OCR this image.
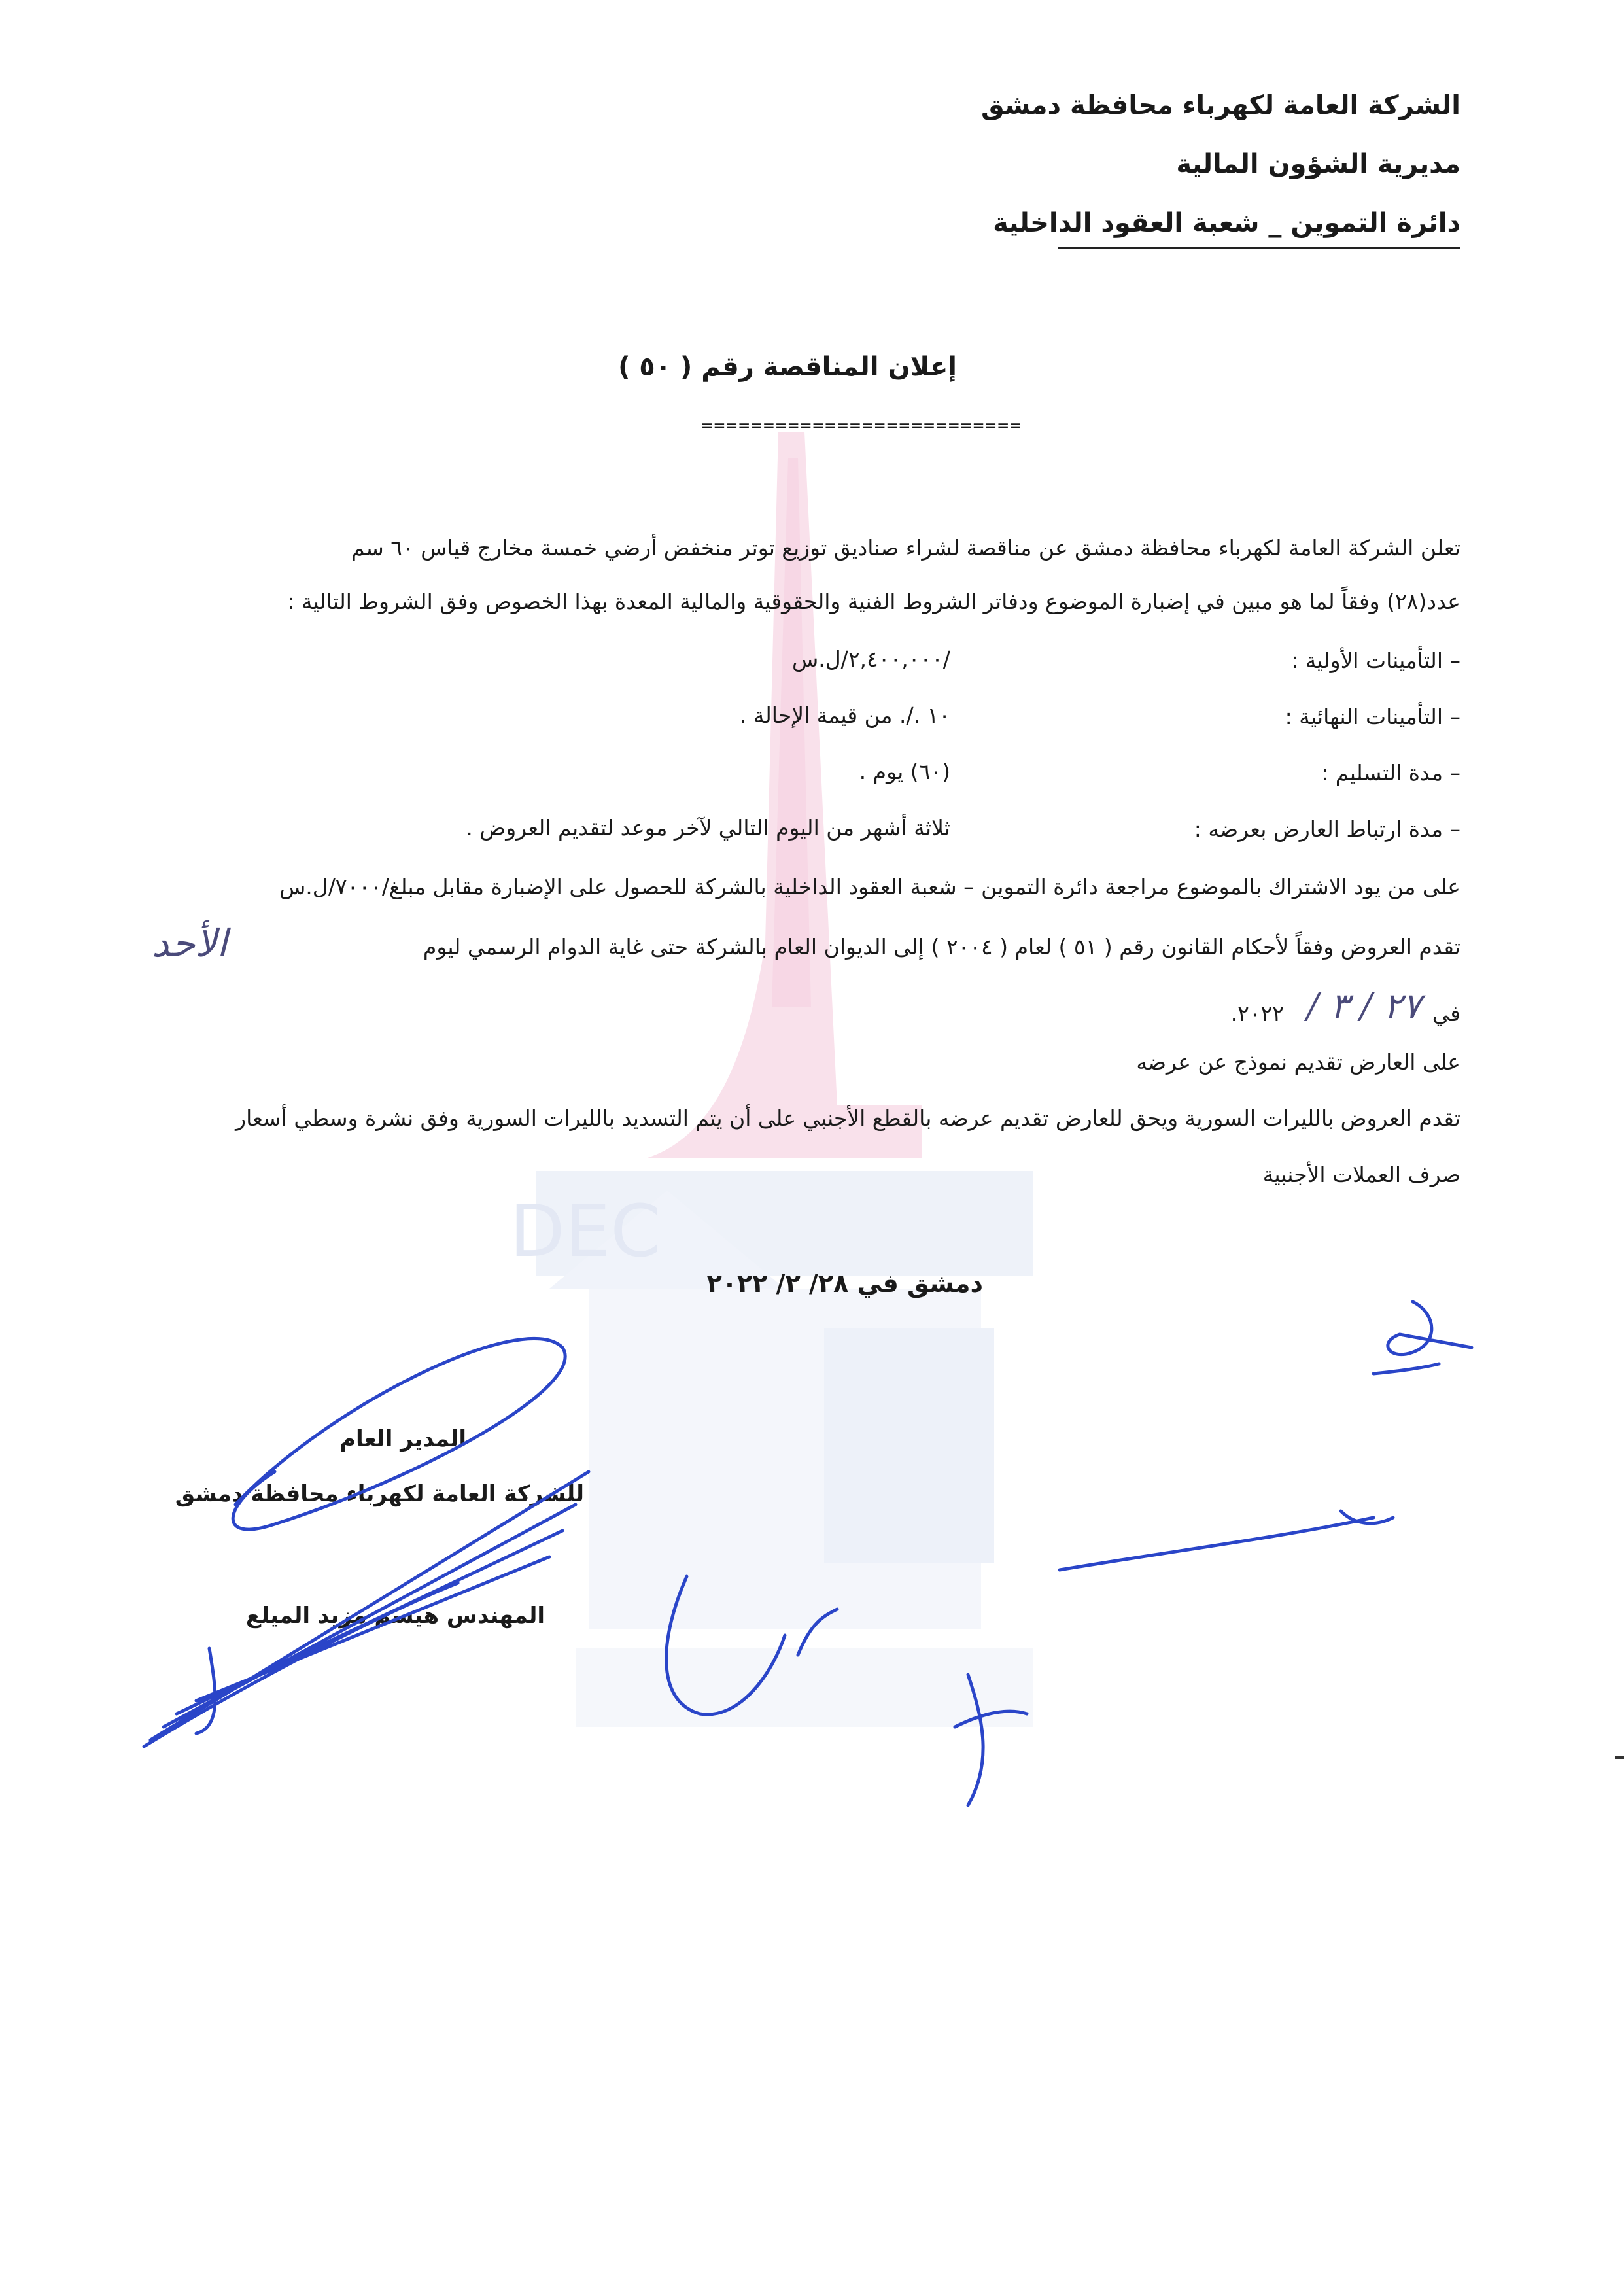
DEC
الشركة العامة لكهرباء محافظة دمشق
مديرية الشؤون المالية
دائرة التموين _ شعبة العقود الداخلية
إعلان المناقصة رقم ( ٥٠ )
==========================
تعلن الشركة العامة لكهرباء محافظة دمشق عن مناقصة لشراء صناديق توزيع توتر منخفض أرضي خمسة مخارج قياس ٦٠ سم
عدد(٢٨) وفقاً لما هو مبين في إضبارة الموضوع ودفاتر الشروط الفنية والحقوقية والمالية المعدة بهذا الخصوص وفق الشروط التالية :
– التأمينات الأولية :
/٢,٤٠٠,٠٠٠/ل.س
– التأمينات النهائية :
١٠ ./. من قيمة الإحالة .
– مدة التسليم :
(٦٠) يوم .
– مدة ارتباط العارض بعرضه :
ثلاثة أشهر من اليوم التالي لآخر موعد لتقديم العروض .
على من يود الاشتراك بالموضوع مراجعة دائرة التموين – شعبة العقود الداخلية بالشركة للحصول على الإضبارة مقابل مبلغ/٧٠٠٠/ل.س
تقدم العروض وفقاً لأحكام القانون رقم ( ٥١ ) لعام ( ٢٠٠٤ ) إلى الديوان العام بالشركة حتى غاية الدوام الرسمي ليوم
الأحد
في
٢٧ / ٣ /
٢٠٢٢.
على العارض تقديم نموذج عن عرضه
تقدم العروض بالليرات السورية ويحق للعارض تقديم عرضه بالقطع الأجنبي على أن يتم التسديد بالليرات السورية وفق نشرة وسطي أسعار
صرف العملات الأجنبية
دمشق في ٢٨/ ٢/ ٢٠٢٢
المدير العام
للشركة العامة لكهرباء محافظة دمشق
المهندس هيسم مزيد الميلع
